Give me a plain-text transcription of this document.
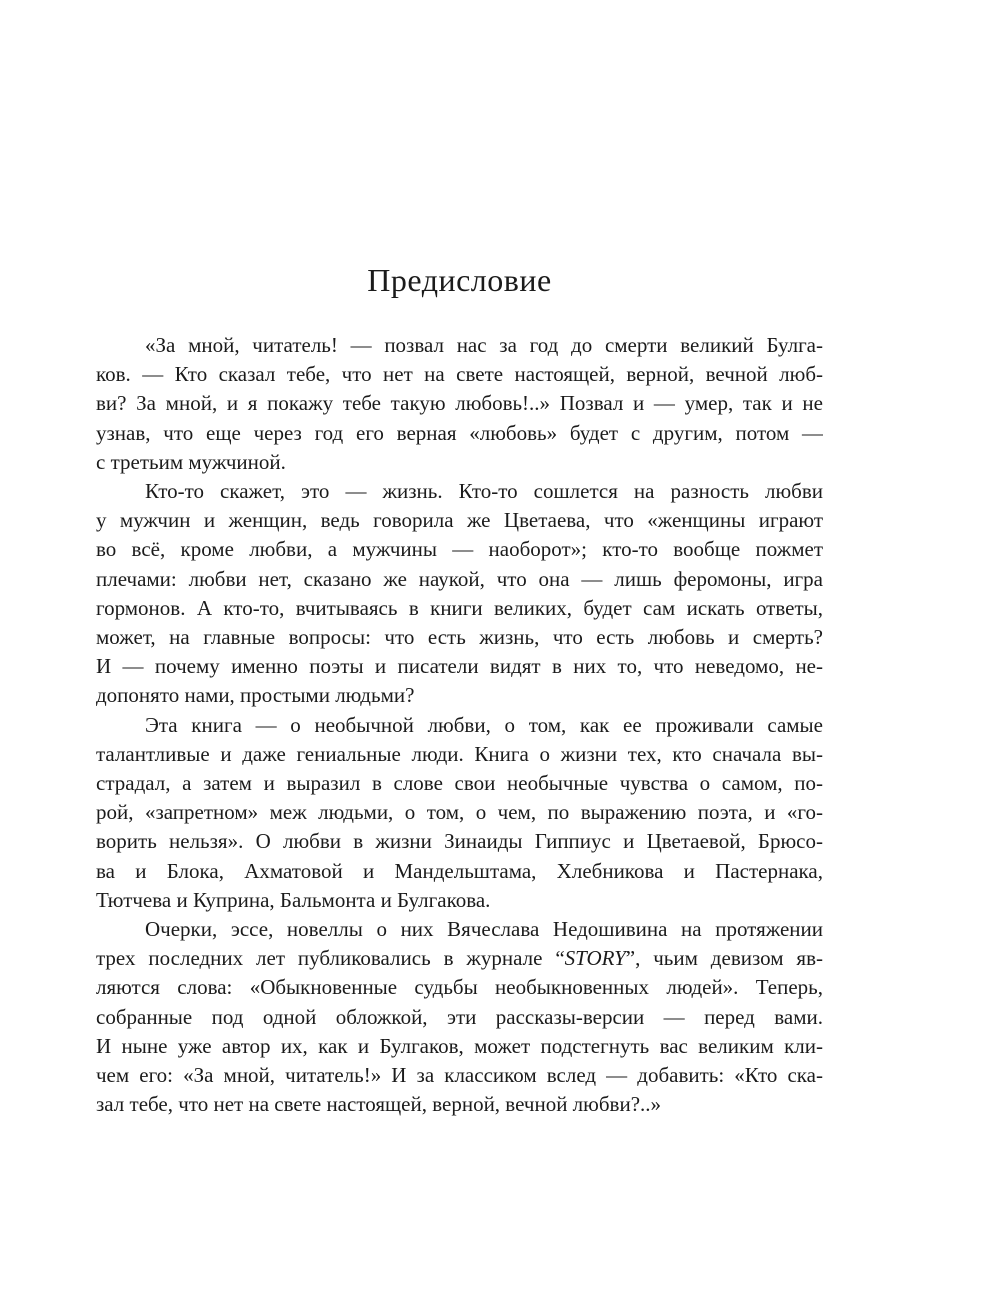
Предисловие
«За мной, читатель! — позвал нас за год до смерти великий Булга-
ков. — Кто сказал тебе, что нет на свете настоящей, верной, вечной люб-
ви? За мной, и я покажу тебе такую любовь!..» Позвал и — умер, так и не
узнав, что еще через год его верная «любовь» будет с другим, потом —
с третьим мужчиной.
Кто-то скажет, это — жизнь. Кто-то сошлется на разность любви
у мужчин и женщин, ведь говорила же Цветаева, что «женщины играют
во всё, кроме любви, а мужчины — наоборот»; кто-то вообще пожмет
плечами: любви нет, сказано же наукой, что она — лишь феромоны, игра
гормонов. А кто-то, вчитываясь в книги великих, будет сам искать ответы,
может, на главные вопросы: что есть жизнь, что есть любовь и смерть?
И — почему именно поэты и писатели видят в них то, что неведомо, не-
допонято нами, простыми людьми?
Эта книга — о необычной любви, о том, как ее проживали самые
талантливые и даже гениальные люди. Книга о жизни тех, кто сначала вы-
страдал, а затем и выразил в слове свои необычные чувства о самом, по-
рой, «запретном» меж людьми, о том, о чем, по выражению поэта, и «го-
ворить нельзя». О любви в жизни Зинаиды Гиппиус и Цветаевой, Брюсо-
ва и Блока, Ахматовой и Мандельштама, Хлебникова и Пастернака,
Тютчева и Куприна, Бальмонта и Булгакова.
Очерки, эссе, новеллы о них Вячеслава Недошивина на протяжении
трех последних лет публиковались в журнале “STORY”, чьим девизом яв-
ляются слова: «Обыкновенные судьбы необыкновенных людей». Теперь,
собранные под одной обложкой, эти рассказы-версии — перед вами.
И ныне уже автор их, как и Булгаков, может подстегнуть вас великим кли-
чем его: «За мной, читатель!» И за классиком вслед — добавить: «Кто ска-
зал тебе, что нет на свете настоящей, верной, вечной любви?..»
